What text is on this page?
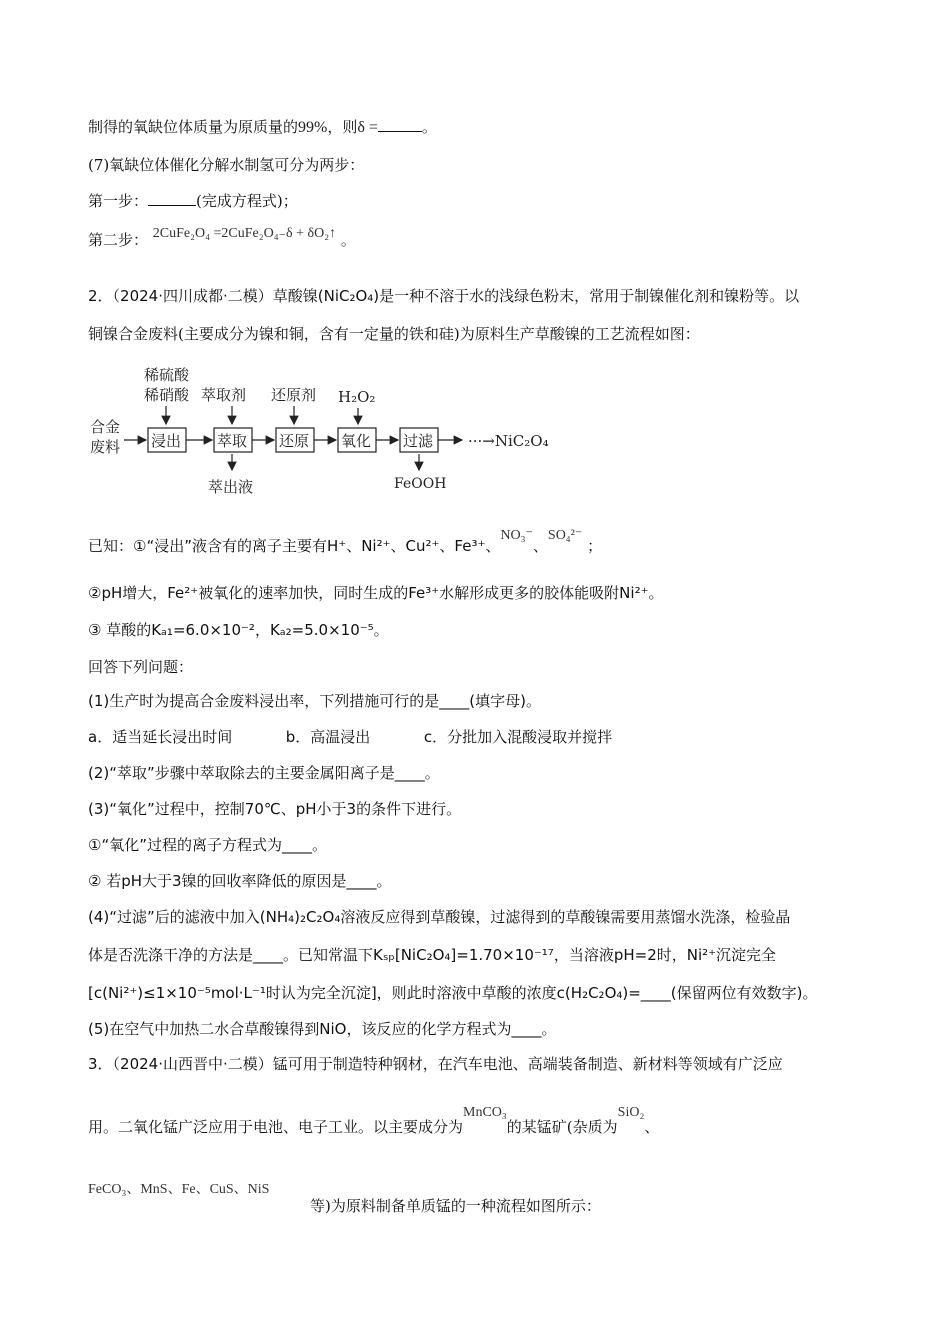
制得的氧缺位体质量为原质量的99%，则δ =	。
(7)氧缺位体催化分解水制氢可分为两步：
第一步：	(完成方程式)；
第二步： 2CuFe₂O₄ =2CuFe₂O₄₋δ + δO₂↑ 。
2．（2024·四川成都·二模）草酸镍(NiC₂O₄)是一种不溶于水的浅绿色粉末，常用于制镍催化剂和镍粉等。以
铜镍合金废料(主要成分为镍和铜，含有一定量的铁和硅)为原料生产草酸镍的工艺流程如图：
合金
废料
稀硫酸
稀硝酸 萃取剂 还原剂 H₂O₂
浸出 萃取 还原 氧化 过滤 ···→NiC₂O₄
萃出液	FeOOH
已知：①“浸出”液含有的离子主要有H⁺、Ni²⁺、Cu²⁺、Fe³⁺、NO₃⁻、SO₄²⁻ ；
②pH增大，Fe²⁺被氧化的速率加快，同时生成的Fe³⁺水解形成更多的胶体能吸附Ni²⁺。
③ 草酸的Kₐ₁=6.0×10⁻²，Kₐ₂=5.0×10⁻⁵。
回答下列问题：
(1)生产时为提高合金废料浸出率，下列措施可行的是____(填字母)。
a．适当延长浸出时间	b．高温浸出	c．分批加入混酸浸取并搅拌
(2)“萃取”步骤中萃取除去的主要金属阳离子是____。
(3)“氧化”过程中，控制70℃、pH小于3的条件下进行。
①“氧化”过程的离子方程式为____。
② 若pH大于3镍的回收率降低的原因是____。
(4)“过滤”后的滤液中加入(NH₄)₂C₂O₄溶液反应得到草酸镍，过滤得到的草酸镍需要用蒸馏水洗涤，检验晶
体是否洗涤干净的方法是____。已知常温下Kₛₚ[NiC₂O₄]=1.70×10⁻¹⁷，当溶液pH=2时，Ni²⁺沉淀完全
[c(Ni²⁺)≤1×10⁻⁵mol·L⁻¹时认为完全沉淀]，则此时溶液中草酸的浓度c(H₂C₂O₄)=____(保留两位有效数字)。
(5)在空气中加热二水合草酸镍得到NiO，该反应的化学方程式为____。
3．（2024·山西晋中·二模）锰可用于制造特种钢材，在汽车电池、高端装备制造、新材料等领域有广泛应
用。二氧化锰广泛应用于电池、电子工业。以主要成分为MnCO₃的某锰矿(杂质为SiO₂、
FeCO₃、MnS、Fe、CuS、NiS
等)为原料制备单质锰的一种流程如图所示：
